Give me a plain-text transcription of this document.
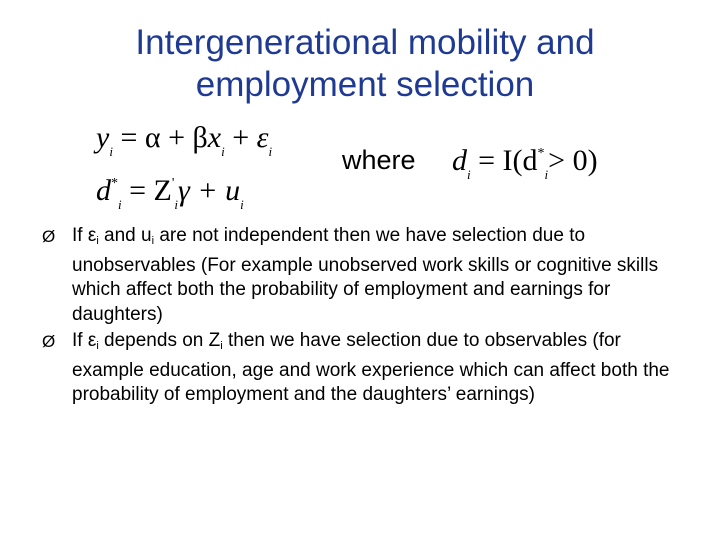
Intergenerational mobility and
employment selection
$y_i = \alpha + \beta x_i + \varepsilon_i$
$d^*_i = Z'_i\gamma + u_i$
where $d_i = I(d^*_i> 0)$
Ø If $\varepsilon_i$ and $u_i$ are not independent then we have selection due to unobservables (For example unobserved work skills or cognitive skills which affect both the probability of employment and earnings for daughters)
Ø If $\varepsilon_i$ depends on $Z_i$ then we have selection due to observables (for example education, age and work experience which can affect both the probability of employment and the daughters’ earnings)
